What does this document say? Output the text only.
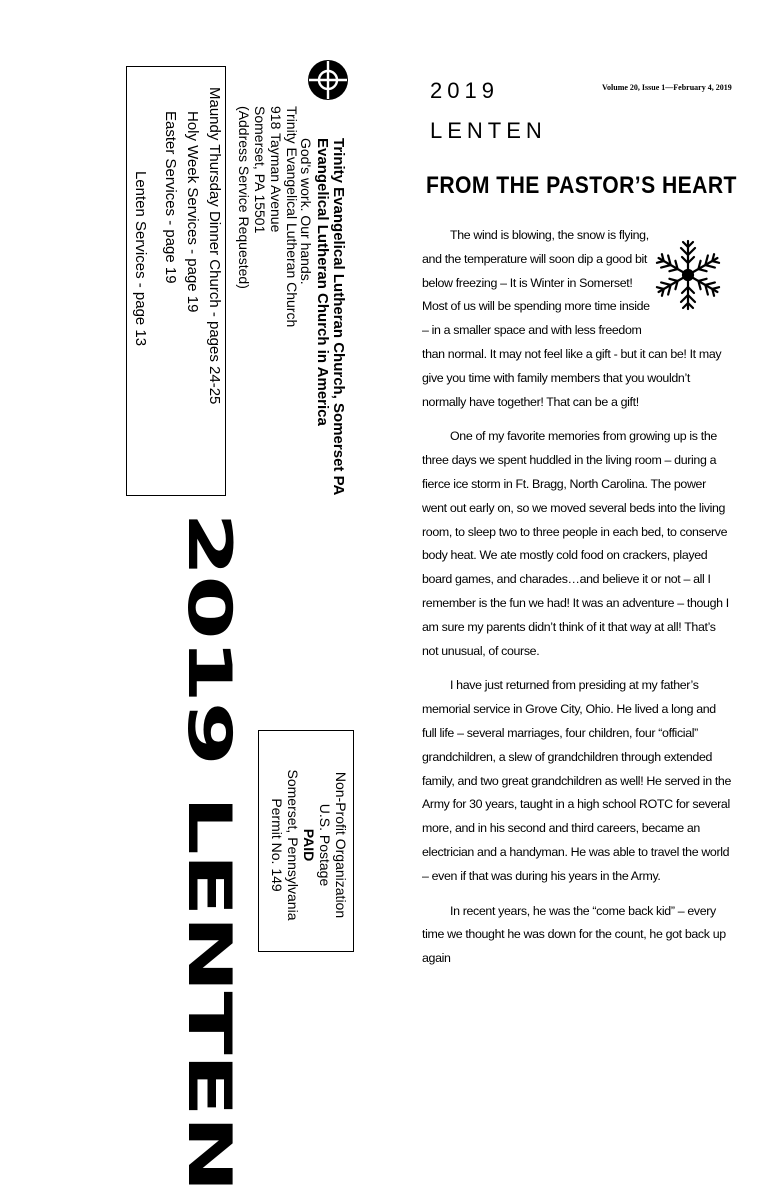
Trinity Evangelical Lutheran Church, Somerset PA
Evangelical Lutheran Church in America
God's work. Our hands.
Trinity Evangelical Lutheran Church
918 Tayman Avenue
Somerset, PA 15501
(Address Service Requested)
Maundy Thursday Dinner Church - pages 24-25
Holy Week Services - page 19
Easter Services - page 19
Lenten Services - page 13
2019 LENTEN	Non-Profit Organization
U.S. Postage
PAID
Somerset, Pennsylvania
Permit No. 149
2019
LENTEN
Volume 20, Issue 1—February 4, 2019
FROM THE PASTOR’S HEART

The wind is blowing, the snow is flying, and the temperature will soon dip a good bit below freezing – It is Winter in Somerset! Most of us will be spending more time inside – in a smaller space and with less freedom than normal. It may not feel like a gift - but it can be! It may give you time with family members that you wouldn’t normally have together! That can be a gift!

One of my favorite memories from growing up is the three days we spent huddled in the living room – during a fierce ice storm in Ft. Bragg, North Carolina. The power went out early on, so we moved several beds into the living room, to sleep two to three people in each bed, to conserve body heat. We ate mostly cold food on crackers, played board games, and charades…and believe it or not – all I remember is the fun we had! It was an adventure – though I am sure my parents didn’t think of it that way at all! That’s not unusual, of course.

I have just returned from presiding at my father’s memorial service in Grove City, Ohio. He lived a long and full life – several marriages, four children, four “official” grandchildren, a slew of grandchildren through extended family, and two great grandchildren as well! He served in the Army for 30 years, taught in a high school ROTC for several more, and in his second and third careers, became an electrician and a handyman. He was able to travel the world – even if that was during his years in the Army.

In recent years, he was the “come back kid” – every time we thought he was down for the count, he got back up again
